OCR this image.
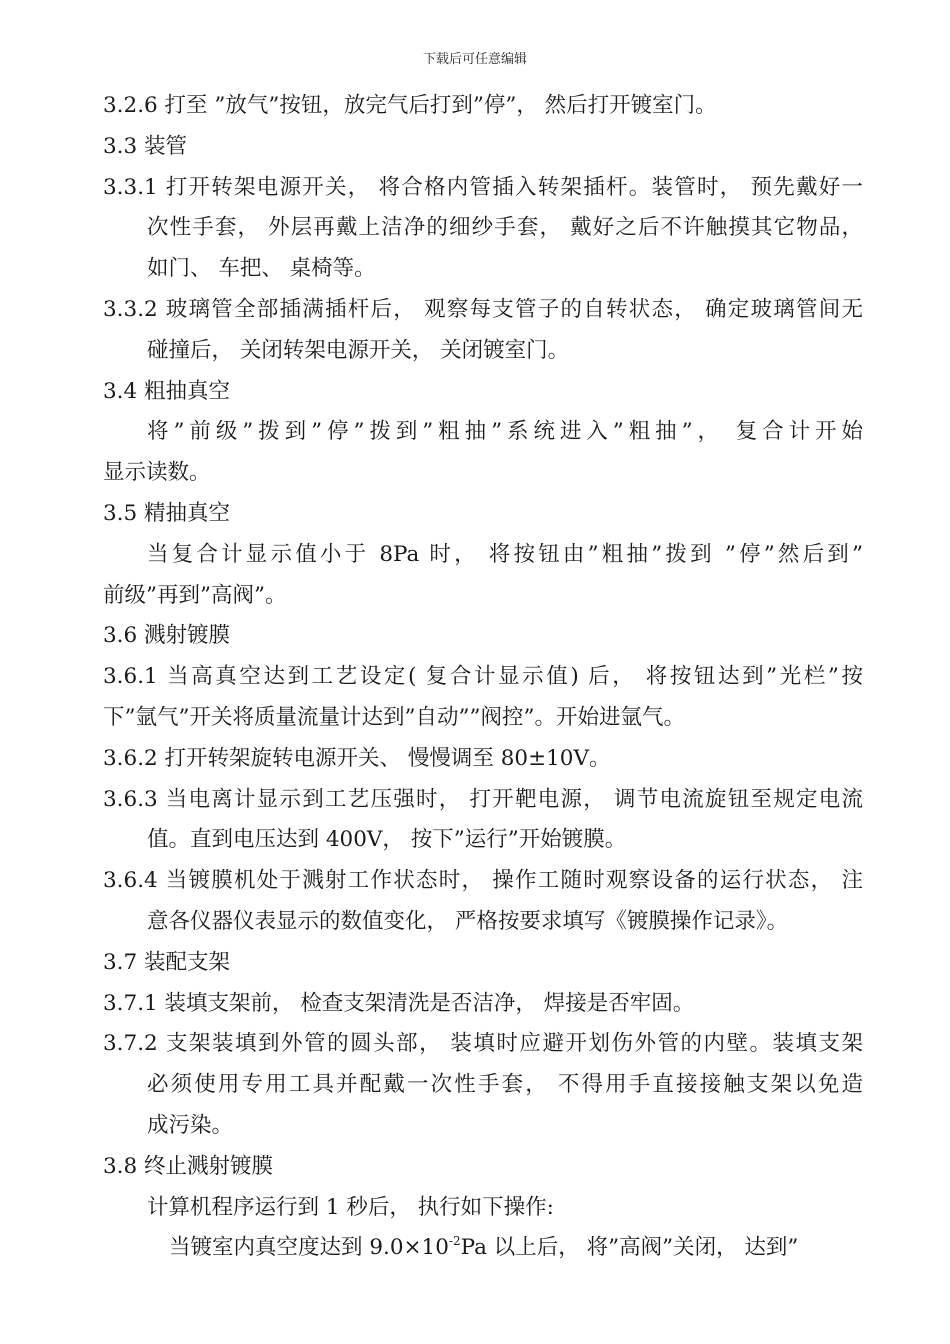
下载后可任意编辑
3.2.6 打至 ”放气”按钮，放完气后打到”停”， 然后打开镀室门。
3.3 装管
3.3.1 打开转架电源开关， 将合格内管插入转架插杆。装管时， 预先戴好一
次性手套， 外层再戴上洁净的细纱手套， 戴好之后不许触摸其它物品，
如门、 车把、 桌椅等。
3.3.2 玻璃管全部插满插杆后， 观察每支管子的自转状态， 确定玻璃管间无
碰撞后， 关闭转架电源开关， 关闭镀室门。
3.4 粗抽真空
将”前级”拨到”停”拨到”粗抽”系统进入”粗抽”， 复合计开始
显示读数。
3.5 精抽真空
当复合计显示值小于 8Pa 时， 将按钮由”粗抽”拨到 ”停”然后到”
前级”再到”高阀”。
3.6 溅射镀膜
3.6.1 当高真空达到工艺设定( 复合计显示值) 后， 将按钮达到”光栏”按
下”氩气”开关将质量流量计达到”自动””阀控”。开始进氩气。
3.6.2 打开转架旋转电源开关、 慢慢调至 80±10V。
3.6.3 当电离计显示到工艺压强时， 打开靶电源， 调节电流旋钮至规定电流
值。直到电压达到 400V， 按下”运行”开始镀膜。
3.6.4 当镀膜机处于溅射工作状态时， 操作工随时观察设备的运行状态， 注
意各仪器仪表显示的数值变化， 严格按要求填写《镀膜操作记录》。
3.7 装配支架
3.7.1 装填支架前， 检查支架清洗是否洁净， 焊接是否牢固。
3.7.2 支架装填到外管的圆头部， 装填时应避开划伤外管的内壁。装填支架
必须使用专用工具并配戴一次性手套， 不得用手直接接触支架以免造
成污染。
3.8 终止溅射镀膜
计算机程序运行到 1 秒后， 执行如下操作:
当镀室内真空度达到 $9.0\times 10^{-2}Pa$ 以上后， 将”高阀”关闭， 达到”
